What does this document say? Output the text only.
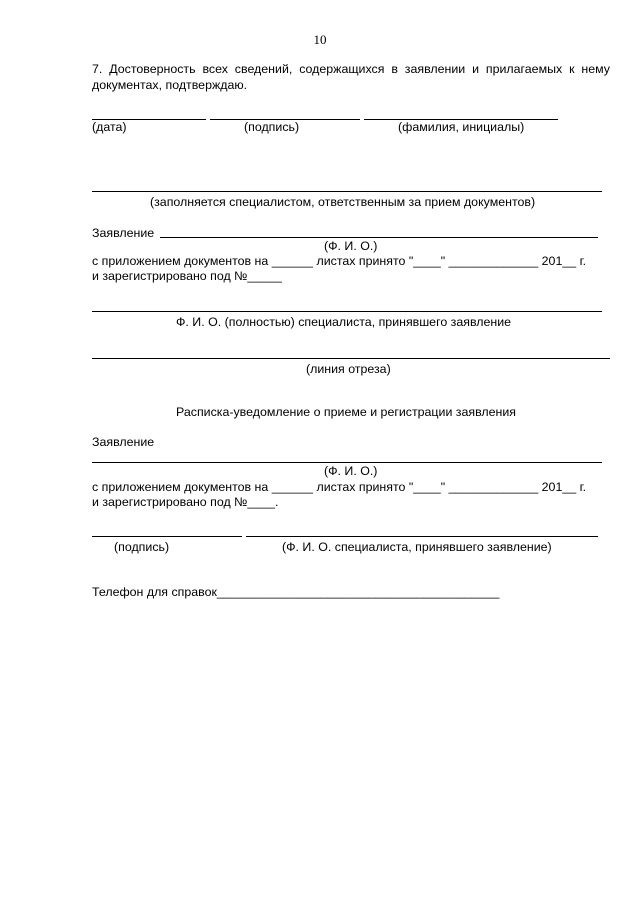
10
7. Достоверность всех сведений, содержащихся в заявлении и прилагаемых к нему документах, подтверждаю.
(дата)	(подпись)	(фамилия, инициалы)
(заполняется специалистом, ответственным за прием документов)
Заявление
(Ф. И. О.)
с приложением документов на ______ листах принято "____" _____________ 201__ г.
и зарегистрировано под №_____
Ф. И. О. (полностью) специалиста, принявшего заявление
(линия отреза)
Расписка-уведомление о приеме и регистрации заявления
Заявление
(Ф. И. О.)
с приложением документов на ______ листах принято "____" _____________ 201__ г.
и зарегистрировано под №____.
(подпись)	(Ф. И. О. специалиста, принявшего заявление)
Телефон для справок_________________________________________
